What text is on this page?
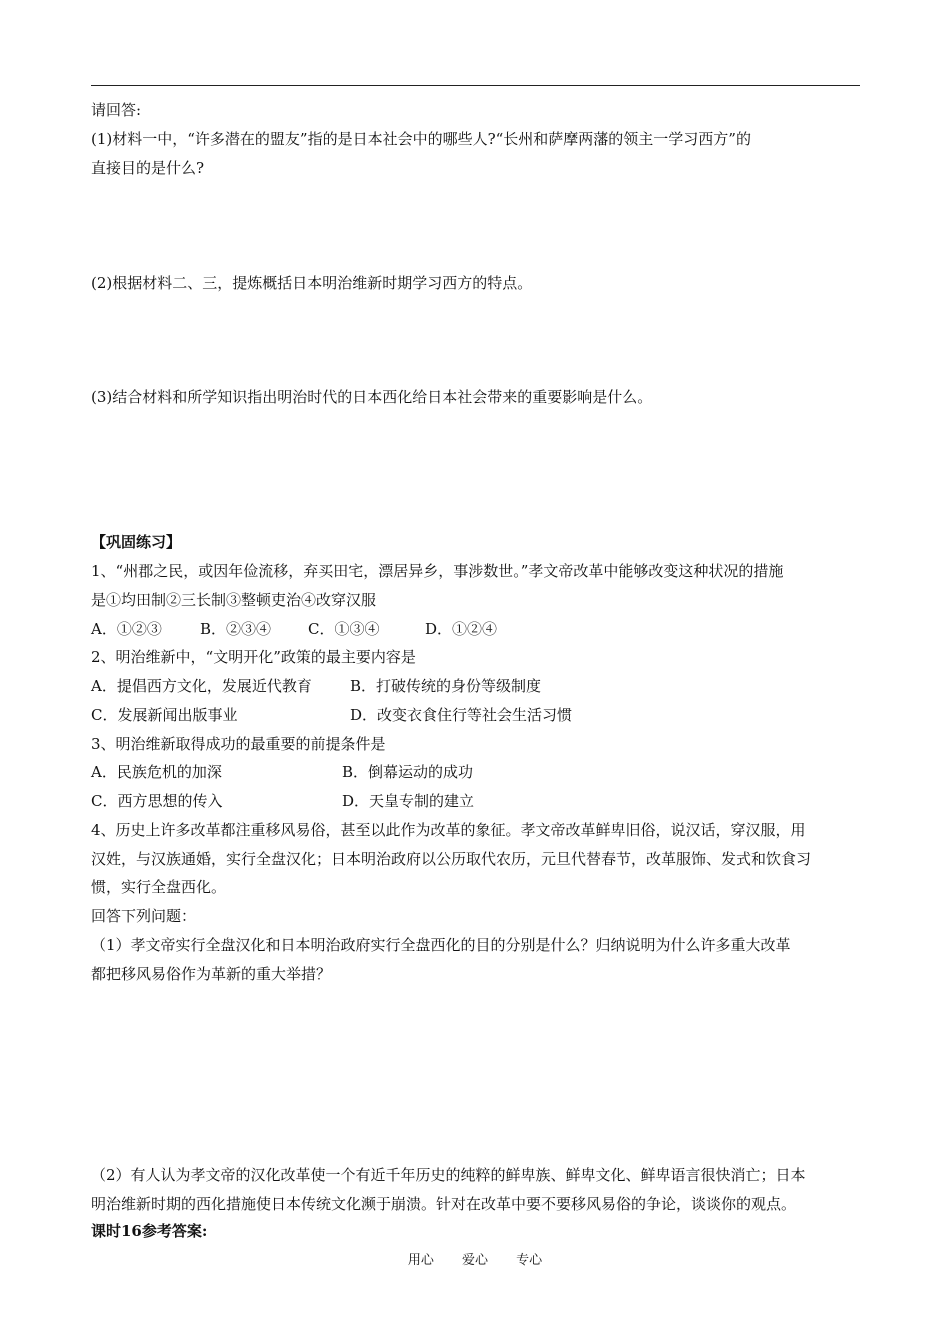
请回答:
(1)材料一中，“许多潜在的盟友”指的是日本社会中的哪些人?“长州和萨摩两藩的领主一学习西方”的
直接目的是什么?
(2)根据材料二、三，提炼概括日本明治维新时期学习西方的特点。
(3)结合材料和所学知识指出明治时代的日本西化给日本社会带来的重要影响是什么。
【巩固练习】
1、“州郡之民，或因年俭流移，弃买田宅，漂居异乡，事涉数世。”孝文帝改革中能够改变这种状况的措施
是①均田制②三长制③整顿吏治④改穿汉服
A．①②③	B．②③④ C．①③④	D．①②④
2、明治维新中，“文明开化”政策的最主要内容是
A．提倡西方文化，发展近代教育	B．打破传统的身份等级制度
C．发展新闻出版事业	D．改变衣食住行等社会生活习惯
3、明治维新取得成功的最重要的前提条件是
A．民族危机的加深	B．倒幕运动的成功
C．西方思想的传入	D．天皇专制的建立
4、历史上许多改革都注重移风易俗，甚至以此作为改革的象征。孝文帝改革鲜卑旧俗，说汉话，穿汉服，用
汉姓，与汉族通婚，实行全盘汉化；日本明治政府以公历取代农历，元旦代替春节，改革服饰、发式和饮食习
惯，实行全盘西化。
回答下列问题：
（1）孝文帝实行全盘汉化和日本明治政府实行全盘西化的目的分别是什么？归纳说明为什么许多重大改革
都把移风易俗作为革新的重大举措？
（2）有人认为孝文帝的汉化改革使一个有近千年历史的纯粹的鲜卑族、鲜卑文化、鲜卑语言很快消亡；日本
明治维新时期的西化措施使日本传统文化濒于崩溃。针对在改革中要不要移风易俗的争论，谈谈你的观点。
课时16参考答案:
用心 爱心 专心
